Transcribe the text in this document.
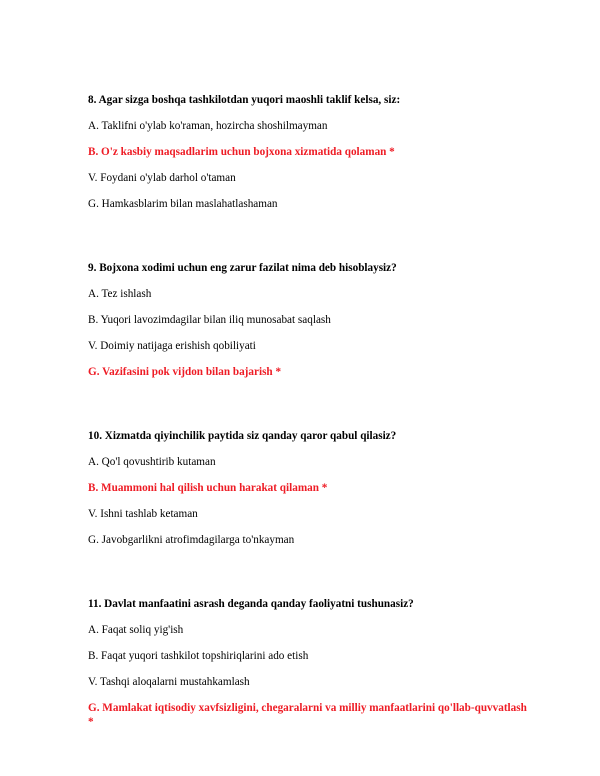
8. Agar sizga boshqa tashkilotdan yuqori maoshli taklif kelsa, siz:

A. Taklifni o'ylab ko'raman, hozircha shoshilmayman

B. O'z kasbiy maqsadlarim uchun bojxona xizmatida qolaman *

V. Foydani o'ylab darhol o'taman

G. Hamkasblarim bilan maslahatlashaman

9. Bojxona xodimi uchun eng zarur fazilat nima deb hisoblaysiz?

A. Tez ishlash

B. Yuqori lavozimdagilar bilan iliq munosabat saqlash

V. Doimiy natijaga erishish qobiliyati

G. Vazifasini pok vijdon bilan bajarish *

10. Xizmatda qiyinchilik paytida siz qanday qaror qabul qilasiz?

A. Qo'l qovushtirib kutaman

B. Muammoni hal qilish uchun harakat qilaman *

V. Ishni tashlab ketaman

G. Javobgarlikni atrofimdagilarga to'nkayman

11. Davlat manfaatini asrash deganda qanday faoliyatni tushunasiz?

A. Faqat soliq yig'ish

B. Faqat yuqori tashkilot topshiriqlarini ado etish

V. Tashqi aloqalarni mustahkamlash

G. Mamlakat iqtisodiy xavfsizligini, chegaralarni va milliy manfaatlarini qo'llab-quvvatlash *
